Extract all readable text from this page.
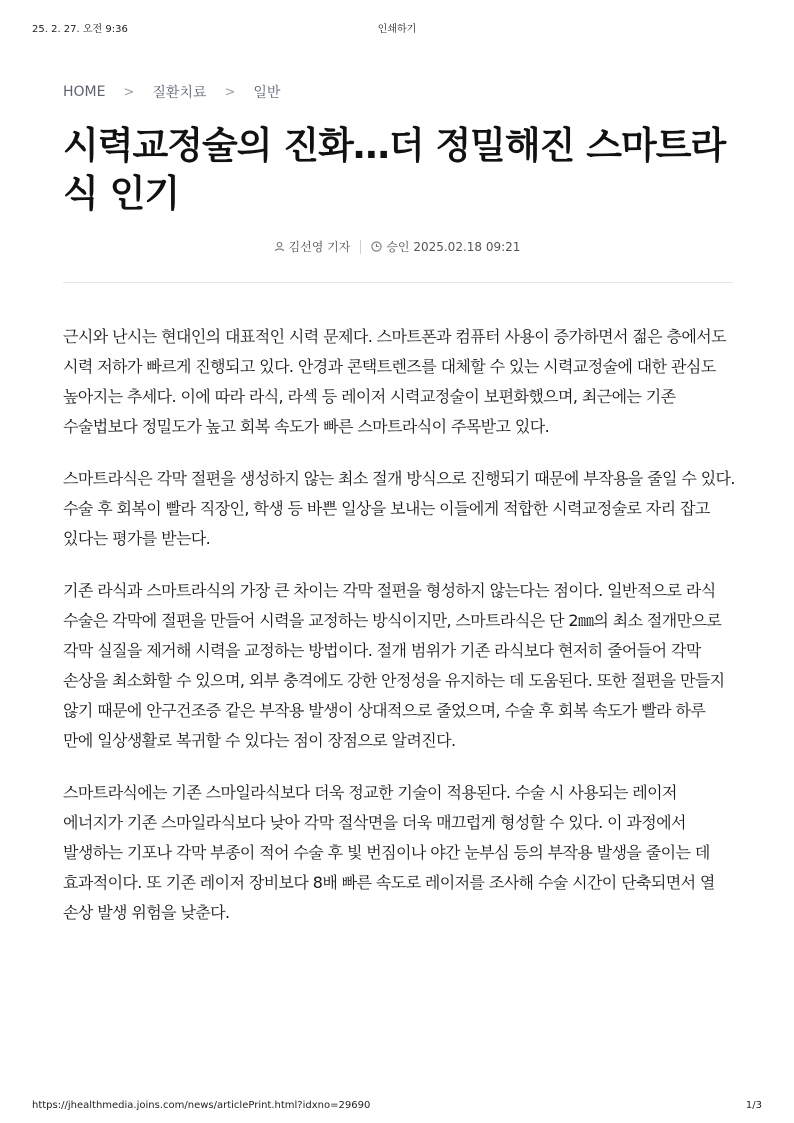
25. 2. 27. 오전 9:36	인쇄하기
HOME > 질환치료 > 일반
시력교정술의 진화…더 정밀해진 스마트라식 인기
김선영 기자	승인 2025.02.18 09:21

근시와 난시는 현대인의 대표적인 시력 문제다. 스마트폰과 컴퓨터 사용이 증가하면서 젊은 층에서도 시력 저하가 빠르게 진행되고 있다. 안경과 콘택트렌즈를 대체할 수 있는 시력교정술에 대한 관심도 높아지는 추세다. 이에 따라 라식, 라섹 등 레이저 시력교정술이 보편화했으며, 최근에는 기존 수술법보다 정밀도가 높고 회복 속도가 빠른 스마트라식이 주목받고 있다.

스마트라식은 각막 절편을 생성하지 않는 최소 절개 방식으로 진행되기 때문에 부작용을 줄일 수 있다. 수술 후 회복이 빨라 직장인, 학생 등 바쁜 일상을 보내는 이들에게 적합한 시력교정술로 자리 잡고 있다는 평가를 받는다.

기존 라식과 스마트라식의 가장 큰 차이는 각막 절편을 형성하지 않는다는 점이다. 일반적으로 라식 수술은 각막에 절편을 만들어 시력을 교정하는 방식이지만, 스마트라식은 단 2㎜의 최소 절개만으로 각막 실질을 제거해 시력을 교정하는 방법이다. 절개 범위가 기존 라식보다 현저히 줄어들어 각막 손상을 최소화할 수 있으며, 외부 충격에도 강한 안정성을 유지하는 데 도움된다. 또한 절편을 만들지 않기 때문에 안구건조증 같은 부작용 발생이 상대적으로 줄었으며, 수술 후 회복 속도가 빨라 하루 만에 일상생활로 복귀할 수 있다는 점이 장점으로 알려진다.

스마트라식에는 기존 스마일라식보다 더욱 정교한 기술이 적용된다. 수술 시 사용되는 레이저 에너지가 기존 스마일라식보다 낮아 각막 절삭면을 더욱 매끄럽게 형성할 수 있다. 이 과정에서 발생하는 기포나 각막 부종이 적어 수술 후 빛 번짐이나 야간 눈부심 등의 부작용 발생을 줄이는 데 효과적이다. 또 기존 레이저 장비보다 8배 빠른 속도로 레이저를 조사해 수술 시간이 단축되면서 열 손상 발생 위험을 낮춘다.

https://jhealthmedia.joins.com/news/articlePrint.html?idxno=29690	1/3
